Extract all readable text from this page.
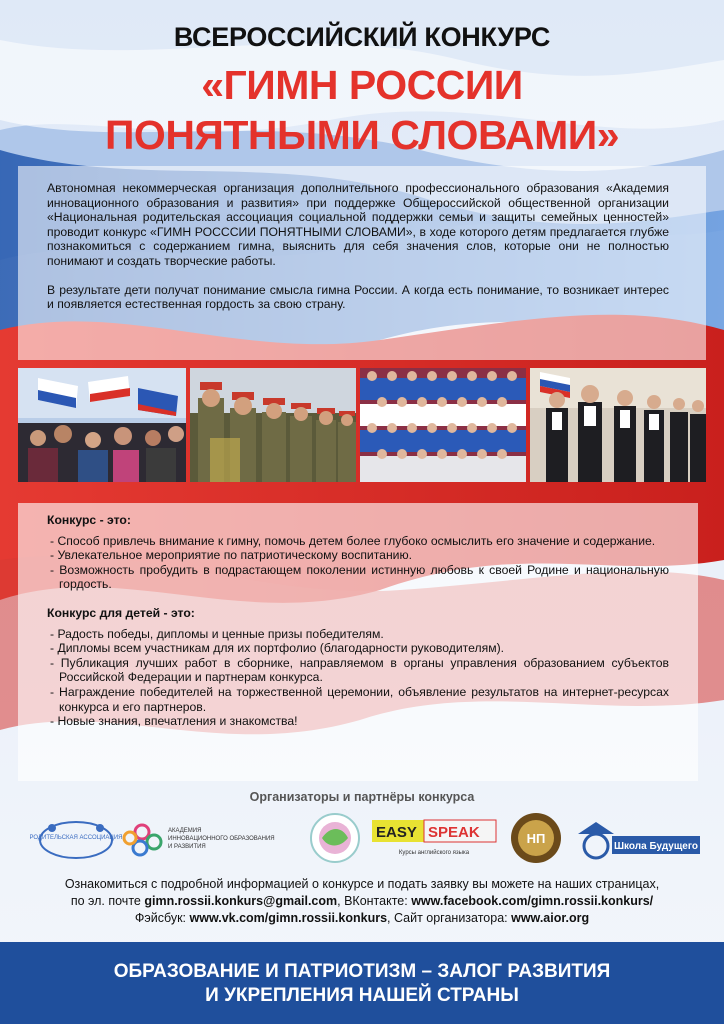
ВСЕРОССИЙСКИЙ КОНКУРС
«ГИМН РОССИИ
ПОНЯТНЫМИ СЛОВАМИ»

Автономная некоммерческая организация дополнительного профессионального образования «Академия инновационного образования и развития» при поддержке Общероссийской общественной организации «Национальная родительская ассоциация социальной поддержки семьи и защиты семейных ценностей» проводит конкурс «ГИМН РОСССИИ ПОНЯТНЫМИ СЛОВАМИ», в ходе которого детям предлагается глубже познакомиться с содержанием гимна, выяснить для себя значения слов, которые они не полностью понимают и создать творческие работы.

В результате дети получат понимание смысла гимна России. А когда есть понимание, то возникает интерес и появляется естественная гордость за свою страну.

Конкурс - это:
- Способ привлечь внимание к гимну, помочь детем более глубоко осмыслить его значение и содержание.
- Увлекательное мероприятие по патриотическому воспитанию.
- Возможность пробудить в подрастающем поколении истинную любовь к своей Родине и национальную гордость.
Конкурс для детей - это:
- Радость победы, дипломы и ценные призы победителям.
- Дипломы всем участникам для их портфолио (благодарности руководителям).
- Публикация лучших работ в сборнике, направляемом в органы управления образованием субъектов Российской Федерации и партнерам конкурса.
- Награждение победителей на торжественной церемонии, объявление результатов на интернет-ресурсах конкурса и его партнеров.
- Новые знания, впечатления и знакомства!
Организаторы и партнёры конкурса
РОДИТЕЛЬСКАЯ АССОЦИАЦИЯ
АКАДЕМИЯ
ИННОВАЦИОННОГО ОБРАЗОВАНИЯ
И РАЗВИТИЯ
EASY SPEAK
Курсы английского языка
НП
Школа Будущего
Ознакомиться с подробной информацией о конкурсе и подать заявку вы можете на наших страницах,
по эл. почте gimn.rossii.konkurs@gmail.com, ВКонтакте: www.facebook.com/gimn.rossii.konkurs/
Фэйсбук: www.vk.com/gimn.rossii.konkurs, Сайт организатора: www.aior.org
ОБРАЗОВАНИЕ И ПАТРИОТИЗМ – ЗАЛОГ РАЗВИТИЯ
И УКРЕПЛЕНИЯ НАШЕЙ СТРАНЫ
